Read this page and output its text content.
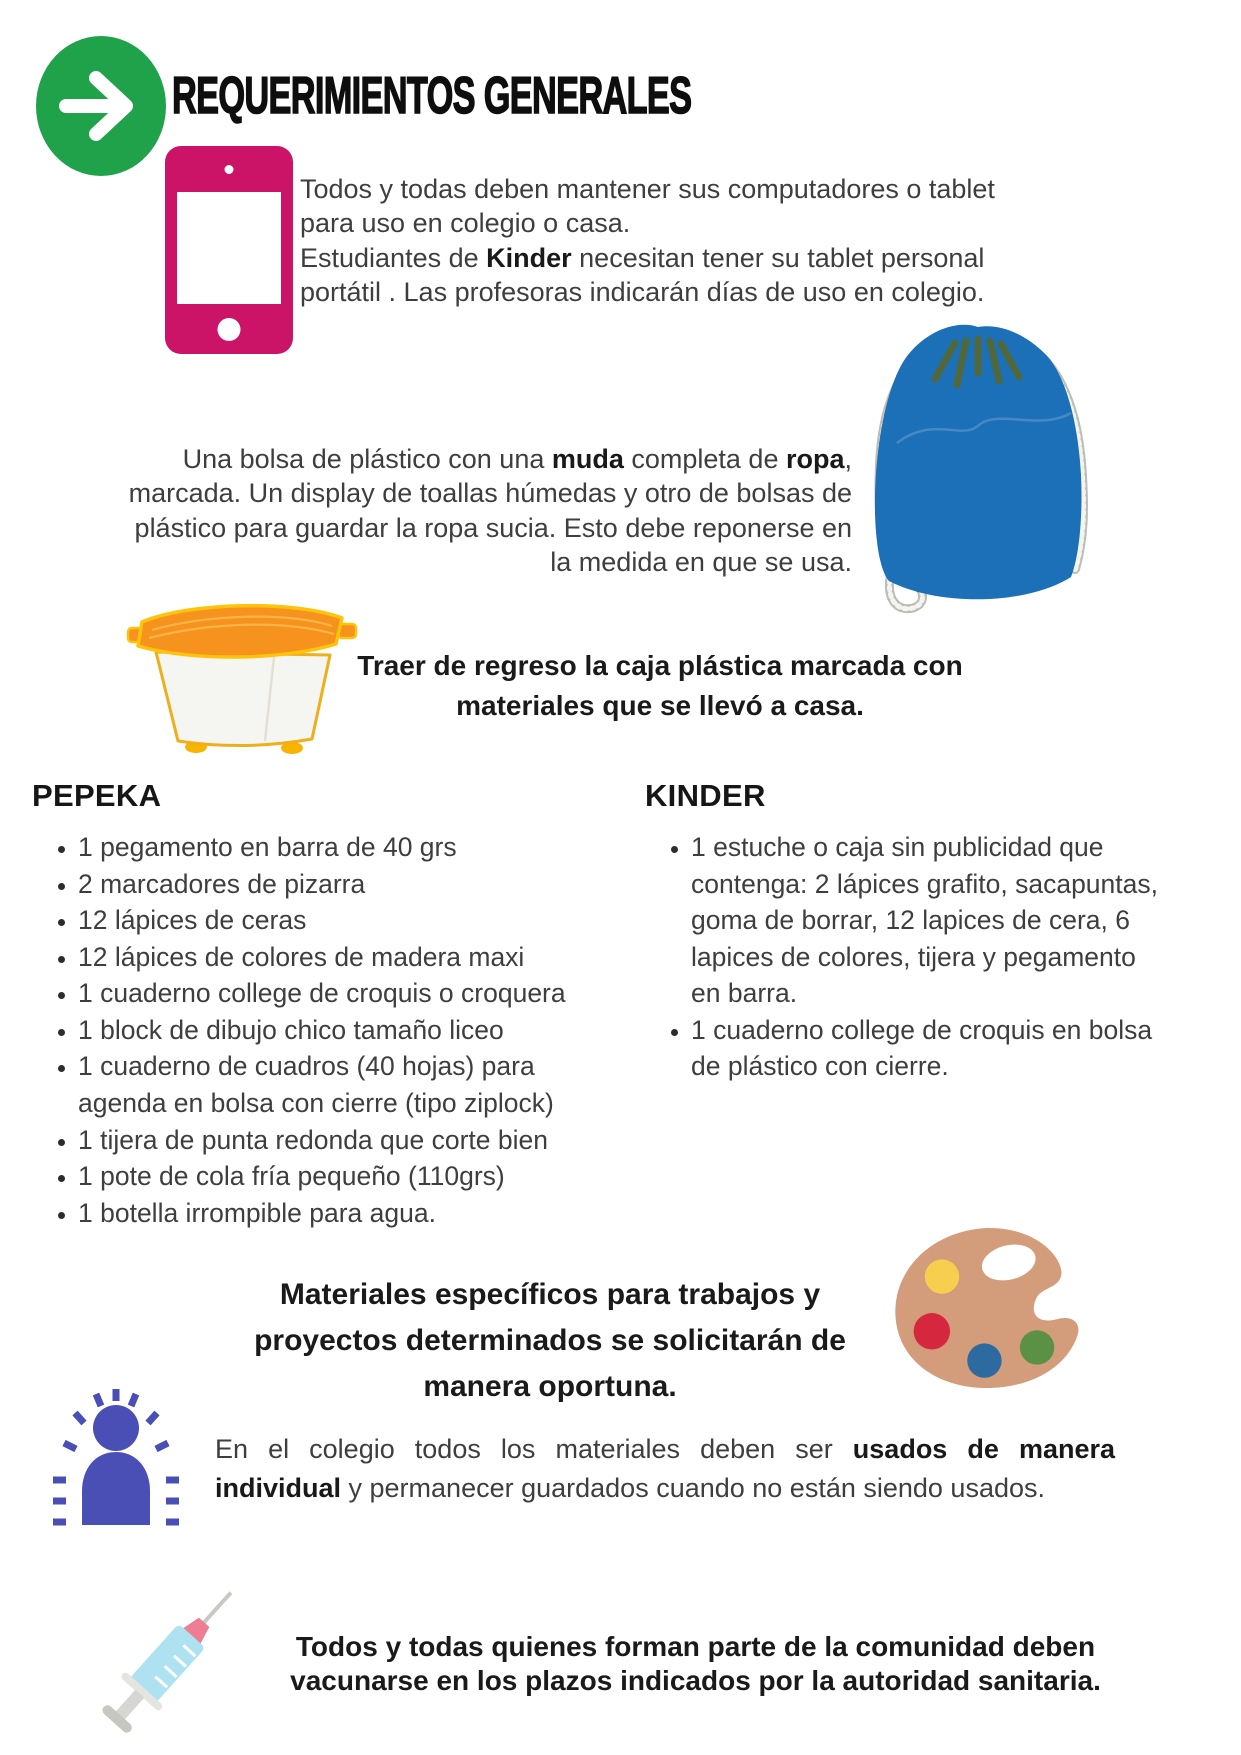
REQUERIMIENTOS GENERALES

Todos y todas deben mantener sus computadores o tablet para uso en colegio o casa.
Estudiantes de Kinder necesitan tener su tablet personal portátil . Las profesoras indicarán días de uso en colegio.

Una bolsa de plástico con una muda completa de ropa, marcada. Un display de toallas húmedas y otro de bolsas de plástico para guardar la ropa sucia. Esto debe reponerse en la medida en que se usa.

Traer de regreso la caja plástica marcada con
materiales que se llevó a casa.

PEPEKA
• 1 pegamento en barra de 40 grs
• 2 marcadores de pizarra
• 12 lápices de ceras
• 12 lápices de colores de madera maxi
• 1 cuaderno college de croquis o croquera
• 1 block de dibujo chico tamaño liceo
• 1 cuaderno de cuadros (40 hojas) para agenda en bolsa con cierre (tipo ziplock)
• 1 tijera de punta redonda que corte bien
• 1 pote de cola fría pequeño (110grs)
• 1 botella irrompible para agua.
KINDER
• 1 estuche o caja sin publicidad que contenga: 2 lápices grafito, sacapuntas, goma de borrar, 12 lapices de cera, 6 lapices de colores, tijera y pegamento en barra.
• 1 cuaderno college de croquis en bolsa de plástico con cierre.

Materiales específicos para trabajos y
proyectos determinados se solicitarán de
manera oportuna.

En el colegio todos los materiales deben ser usados de manera individual y permanecer guardados cuando no están siendo usados.

Todos y todas quienes forman parte de la comunidad deben
vacunarse en los plazos indicados por la autoridad sanitaria.
